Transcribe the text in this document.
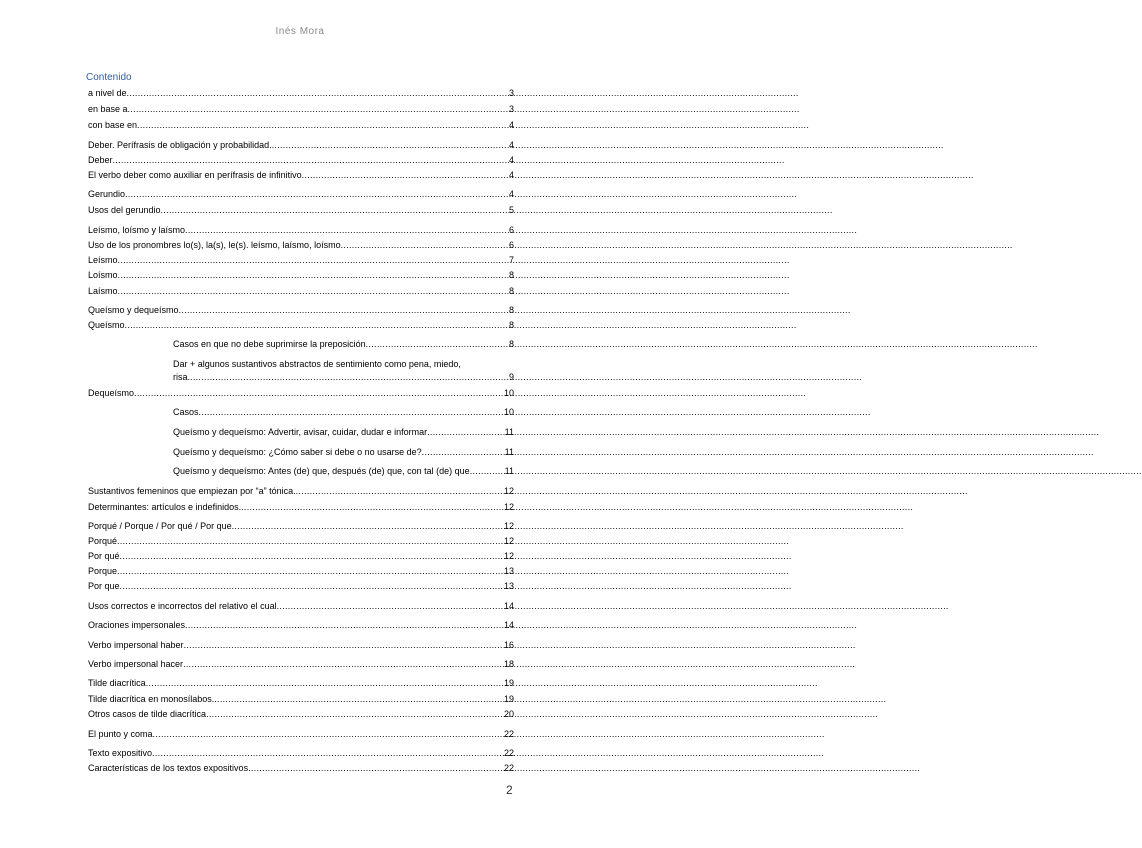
Inés Mora
Contenido
a nivel de .....	3
en base a .....	3
con base en .....	4
Deber. Perífrasis de obligación y probabilidad. .....	4
Deber .....	4
El verbo deber como auxiliar en perífrasis de infinitivo .....	4
Gerundio .....	4
Usos del gerundio .....	5
Leísmo, loísmo y laísmo .....	6
Uso de los pronombres lo(s), la(s), le(s). leísmo, laísmo, loísmo .....	6
Leísmo .....	7
Loísmo .....	8
Laísmo .....	8
Queísmo y dequeísmo .....	8
Queísmo .....	8
Casos en que no debe suprimirse la preposición .....	8
Dar + algunos sustantivos abstractos de sentimiento como pena, miedo,
risa. .....	9
Dequeísmo .....	10
Casos .....	10
Queísmo y dequeísmo: Advertir, avisar, cuidar, dudar e informar .....	11
Queísmo y dequeísmo: ¿Cómo saber si debe o no usarse de? .....	11
Queísmo y dequeísmo: Antes (de) que, después (de) que, con tal (de) que .....	11
Sustantivos femeninos que empiezan por “a” tónica. .....	12
Determinantes: artículos e indefinidos. .....	12
Porqué / Porque / Por qué / Por que .....	12
Porqué .....	12
Por qué .....	12
Porque .....	13
Por que .....	13
Usos correctos e incorrectos del relativo el cual .....	14
Oraciones impersonales .....	14
Verbo impersonal haber .....	16
Verbo impersonal hacer .....	18
Tilde diacrítica .....	19
Tilde diacrítica en monosílabos. .....	19
Otros casos de tilde diacrítica .....	20
El punto y coma .....	22
Texto expositivo .....	22
Características de los textos expositivos .....	22
2
